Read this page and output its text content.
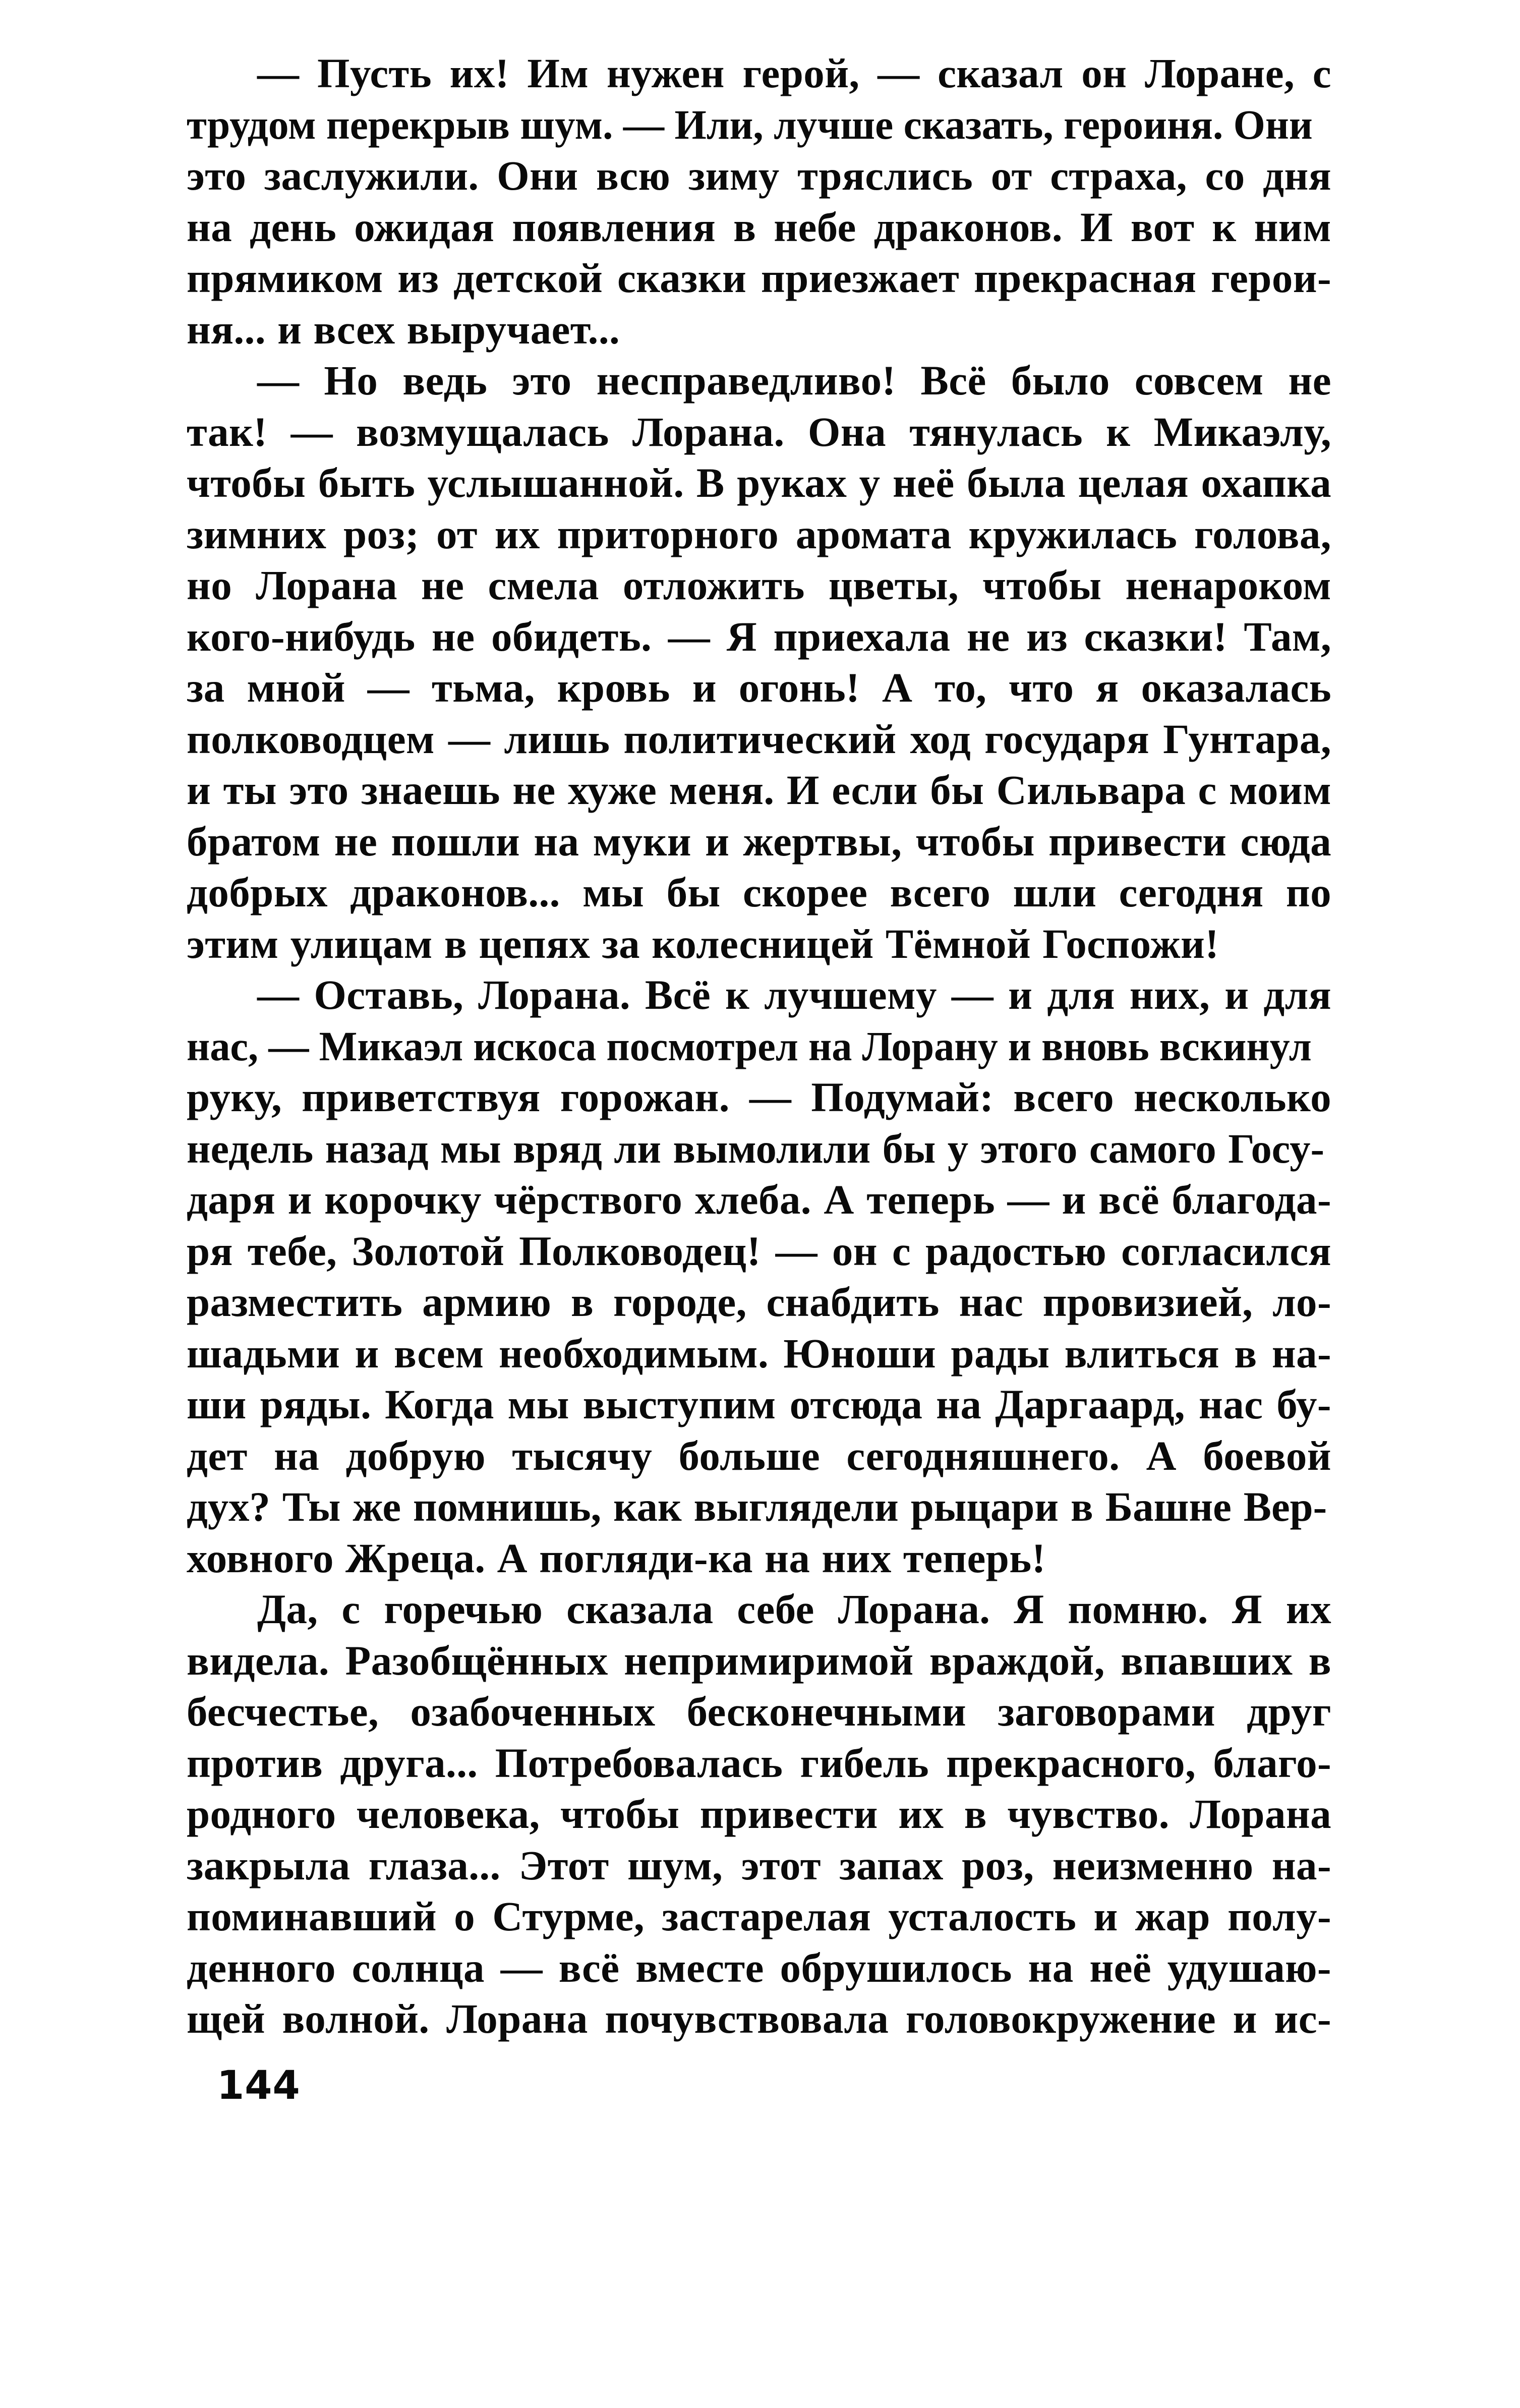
— Пусть их! Им нужен герой, — сказал он Лоране, с
трудом перекрыв шум. — Или, лучше сказать, героиня. Они
это заслужили. Они всю зиму тряслись от страха, со дня
на день ожидая появления в небе драконов. И вот к ним
прямиком из детской сказки приезжает прекрасная герои-
ня... и всех выручает...

— Но ведь это несправедливо! Всё было совсем не
так! — возмущалась Лорана. Она тянулась к Микаэлу,
чтобы быть услышанной. В руках у неё была целая охапка
зимних роз; от их приторного аромата кружилась голова,
но Лорана не смела отложить цветы, чтобы ненароком
кого-нибудь не обидеть. — Я приехала не из сказки! Там,
за мной — тьма, кровь и огонь! А то, что я оказалась
полководцем — лишь политический ход государя Гунтара,
и ты это знаешь не хуже меня. И если бы Сильвара с моим
братом не пошли на муки и жертвы, чтобы привести сюда
добрых драконов... мы бы скорее всего шли сегодня по
этим улицам в цепях за колесницей Тёмной Госпожи!

— Оставь, Лорана. Всё к лучшему — и для них, и для
нас, — Микаэл искоса посмотрел на Лорану и вновь вскинул
руку, приветствуя горожан. — Подумай: всего несколько
недель назад мы вряд ли вымолили бы у этого самого Госу-
даря и корочку чёрствого хлеба. А теперь — и всё благода-
ря тебе, Золотой Полководец! — он с радостью согласился
разместить армию в городе, снабдить нас провизией, ло-
шадьми и всем необходимым. Юноши рады влиться в на-
ши ряды. Когда мы выступим отсюда на Даргаард, нас бу-
дет на добрую тысячу больше сегодняшнего. А боевой
дух? Ты же помнишь, как выглядели рыцари в Башне Вер-
ховного Жреца. А погляди-ка на них теперь!

Да, с горечью сказала себе Лорана. Я помню. Я их
видела. Разобщённых непримиримой враждой, впавших в
бесчестье, озабоченных бесконечными заговорами друг
против друга... Потребовалась гибель прекрасного, благо-
родного человека, чтобы привести их в чувство. Лорана
закрыла глаза... Этот шум, этот запах роз, неизменно на-
поминавший о Стурме, застарелая усталость и жар полу-
денного солнца — всё вместе обрушилось на неё удушаю-
щей волной. Лорана почувствовала головокружение и ис-

144
